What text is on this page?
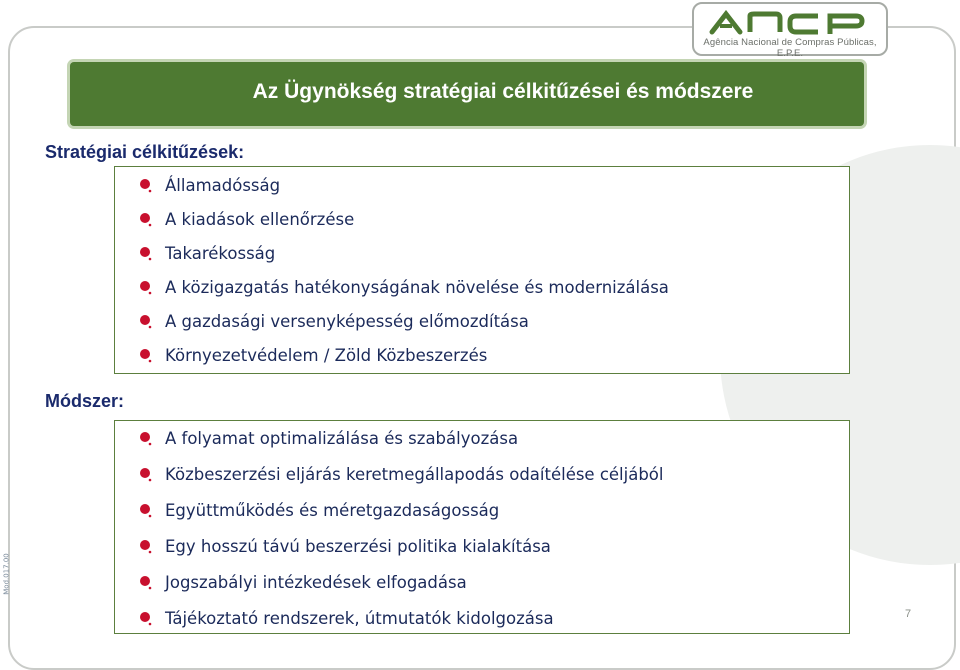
Agência Nacional de Compras Públicas, E.P.E.
Az Ügynökség stratégiai célkitűzései és módszere
Stratégiai célkitűzések:
Államadósság
A kiadások ellenőrzése
Takarékosság
A közigazgatás hatékonyságának növelése és modernizálása
A gazdasági versenyképesség előmozdítása
Környezetvédelem / Zöld Közbeszerzés
Módszer:
A folyamat optimalizálása és szabályozása
Közbeszerzési eljárás keretmegállapodás odaítélése céljából
Együttműködés és méretgazdaságosság
Egy hosszú távú beszerzési politika kialakítása
Jogszabályi intézkedések elfogadása
Tájékoztató rendszerek, útmutatók kidolgozása
Mod.017.00
7
